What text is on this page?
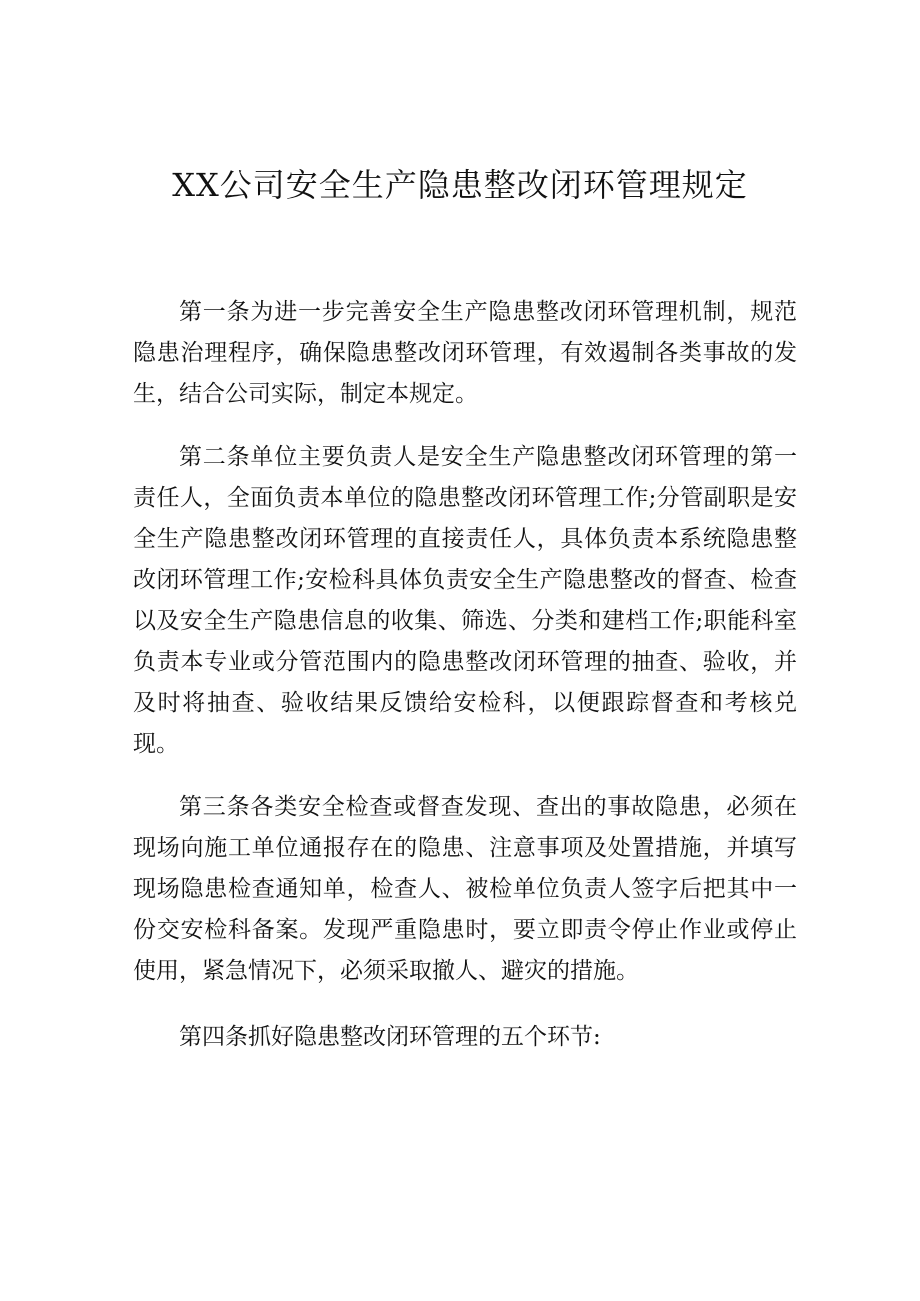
XX公司安全生产隐患整改闭环管理规定

第一条为进一步完善安全生产隐患整改闭环管理机制，规范隐患治理程序，确保隐患整改闭环管理，有效遏制各类事故的发生，结合公司实际，制定本规定。

第二条单位主要负责人是安全生产隐患整改闭环管理的第一责任人，全面负责本单位的隐患整改闭环管理工作;分管副职是安全生产隐患整改闭环管理的直接责任人，具体负责本系统隐患整改闭环管理工作;安检科具体负责安全生产隐患整改的督查、检查以及安全生产隐患信息的收集、筛选、分类和建档工作;职能科室负责本专业或分管范围内的隐患整改闭环管理的抽查、验收，并及时将抽查、验收结果反馈给安检科，以便跟踪督查和考核兑现。

第三条各类安全检查或督查发现、查出的事故隐患，必须在现场向施工单位通报存在的隐患、注意事项及处置措施，并填写现场隐患检查通知单，检查人、被检单位负责人签字后把其中一份交安检科备案。发现严重隐患时，要立即责令停止作业或停止使用，紧急情况下，必须采取撤人、避灾的措施。

第四条抓好隐患整改闭环管理的五个环节:
